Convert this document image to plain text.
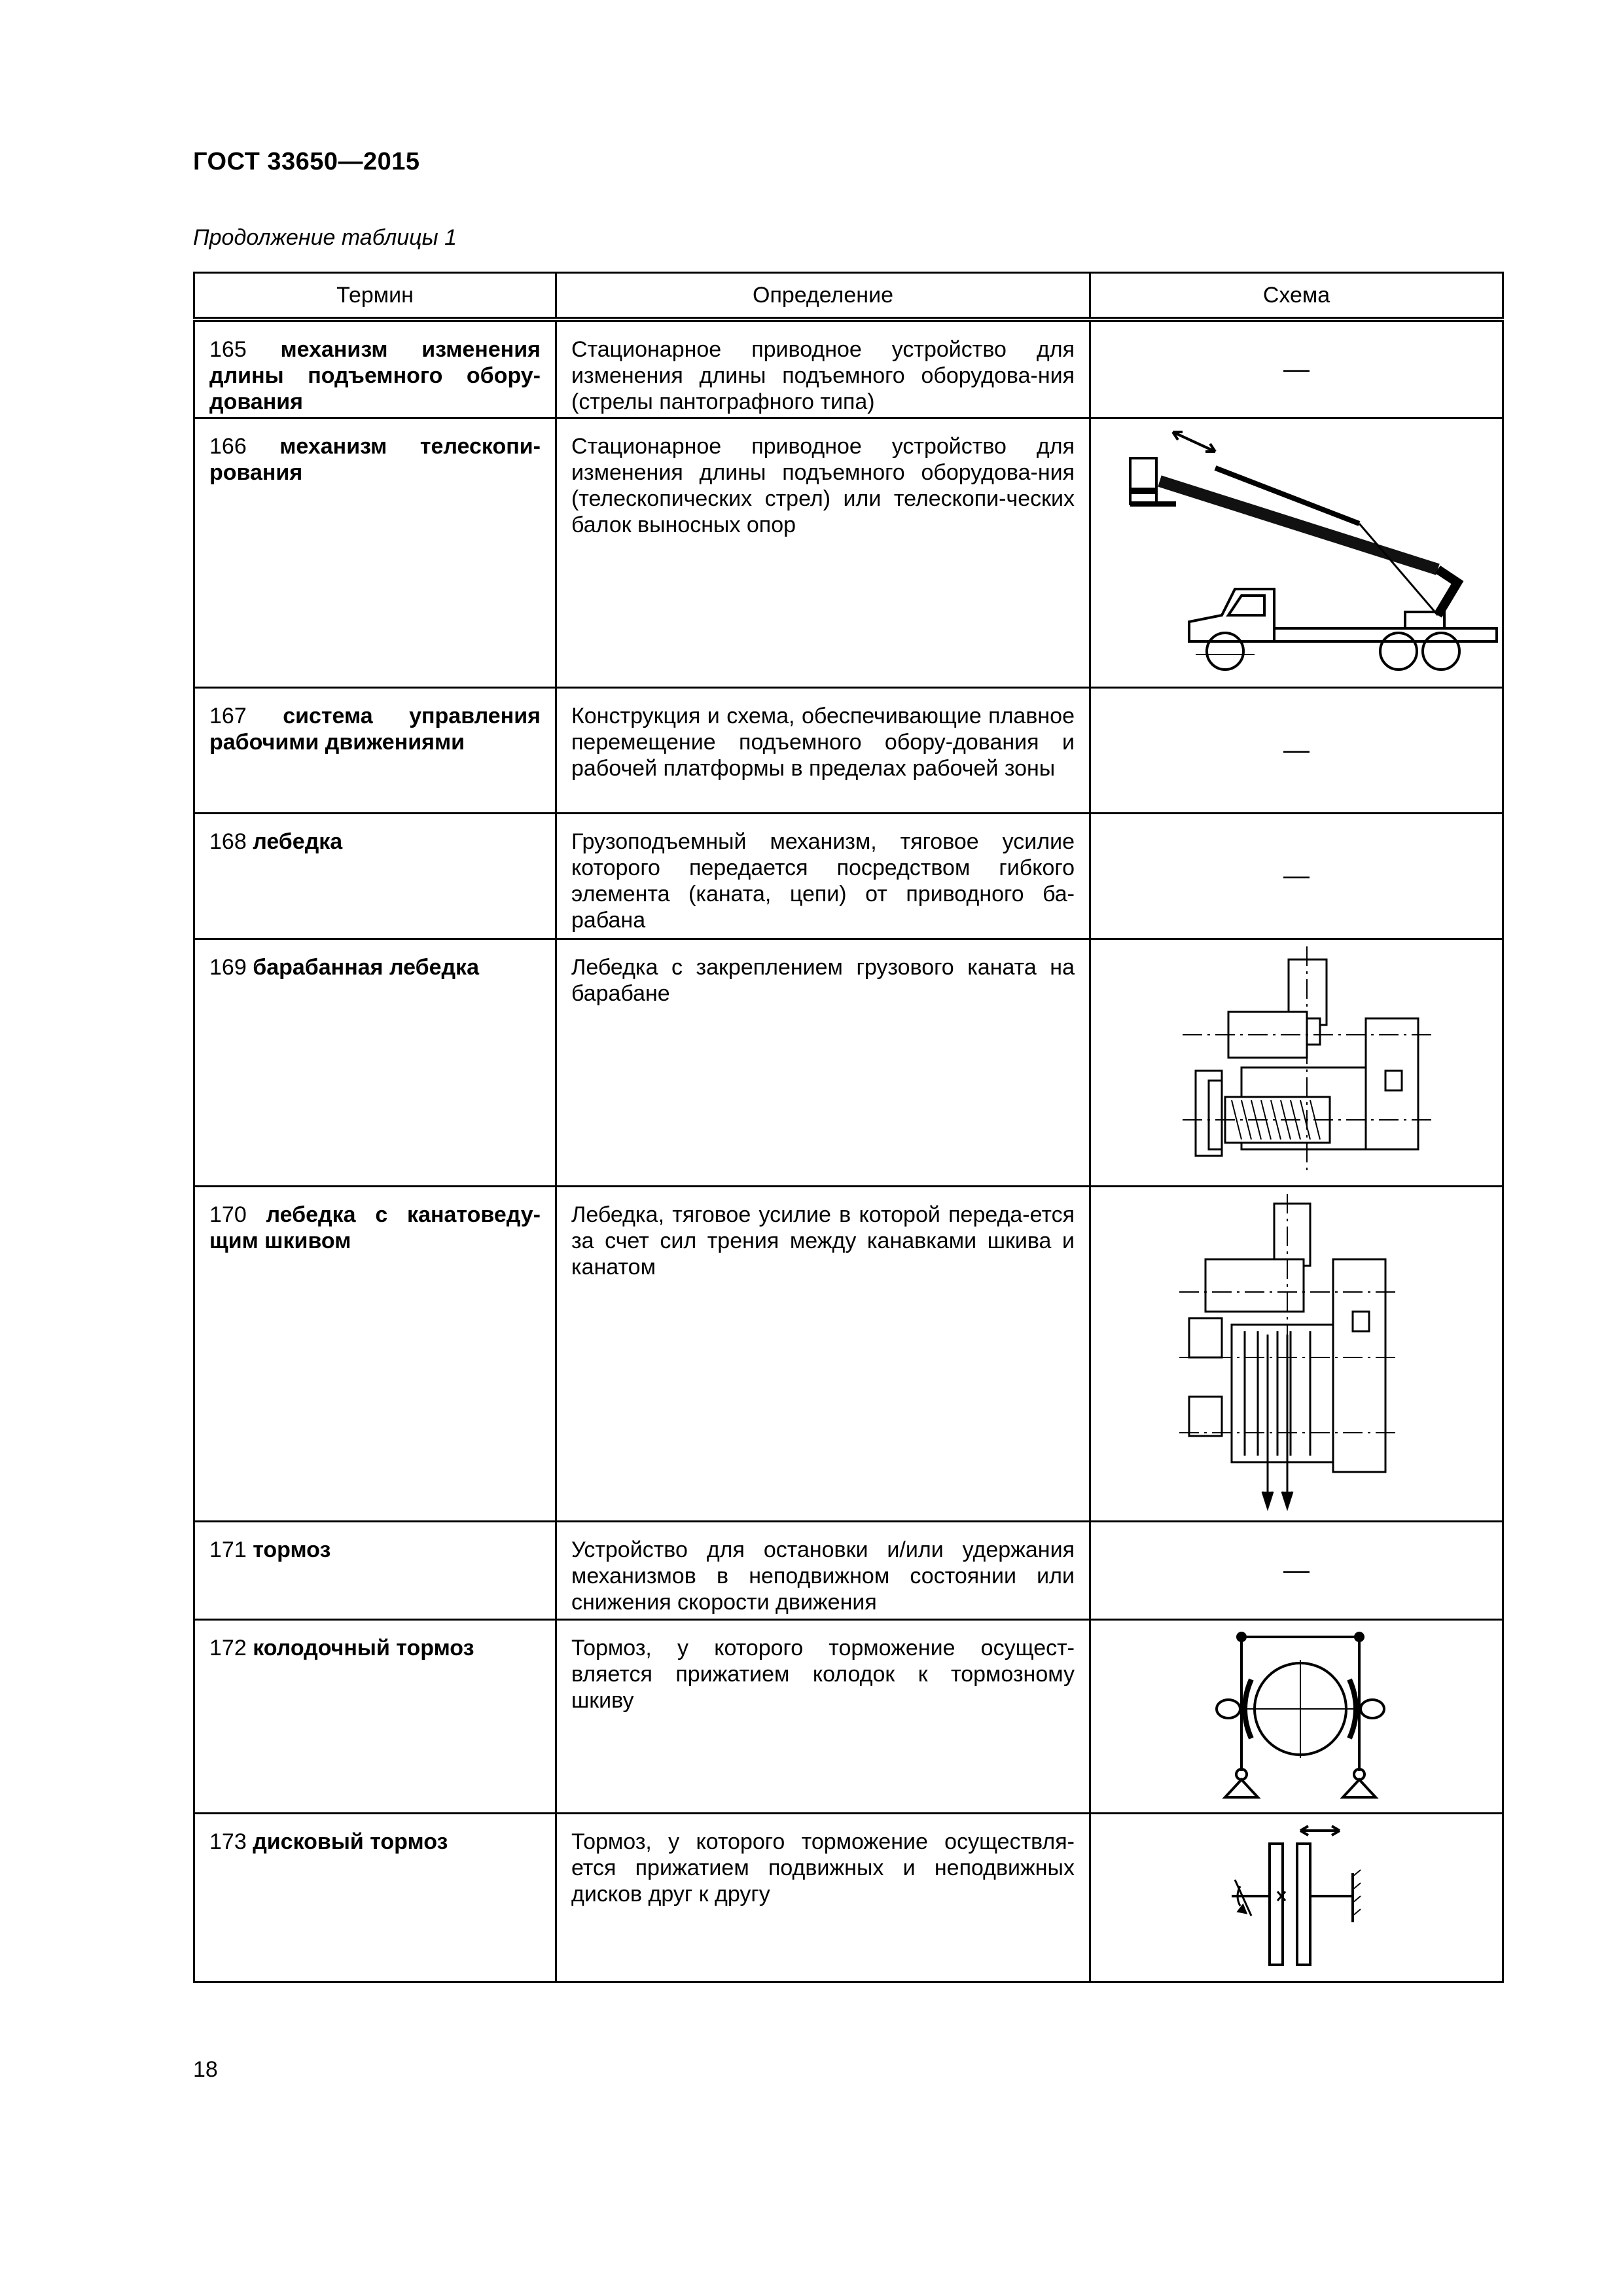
ГОСТ 33650—2015
Продолжение таблицы 1
Термин	Определение	Схема

165 механизм изменения длины подъемного обору-дования	Стационарное приводное устройство для изменения длины подъемного оборудова-ния (стрелы пантографного типа)	—

166 механизм телескопи-рования	Стационарное приводное устройство для изменения длины подъемного оборудова-ния (телескопических стрел) или телескопи-ческих балок выносных опор

167 система управления рабочими движениями	Конструкция и схема, обеспечивающие плавное перемещение подъемного обору-дования и рабочей платформы в пределах рабочей зоны	—

168 лебедка	Грузоподъемный механизм, тяговое усилие которого передается посредством гибкого элемента (каната, цепи) от приводного ба-рабана	—

169 барабанная лебедка	Лебедка с закреплением грузового каната на барабане

170 лебедка с канатоведу-щим шкивом	Лебедка, тяговое усилие в которой переда-ется за счет сил трения между канавками шкива и канатом

171 тормоз	Устройство для остановки и/или удержания механизмов в неподвижном состоянии или снижения скорости движения	—

172 колодочный тормоз	Тормоз, у которого торможение осущест-вляется прижатием колодок к тормозному шкиву

173 дисковый тормоз	Тормоз, у которого торможение осуществля-ется прижатием подвижных и неподвижных дисков друг к другу

18
